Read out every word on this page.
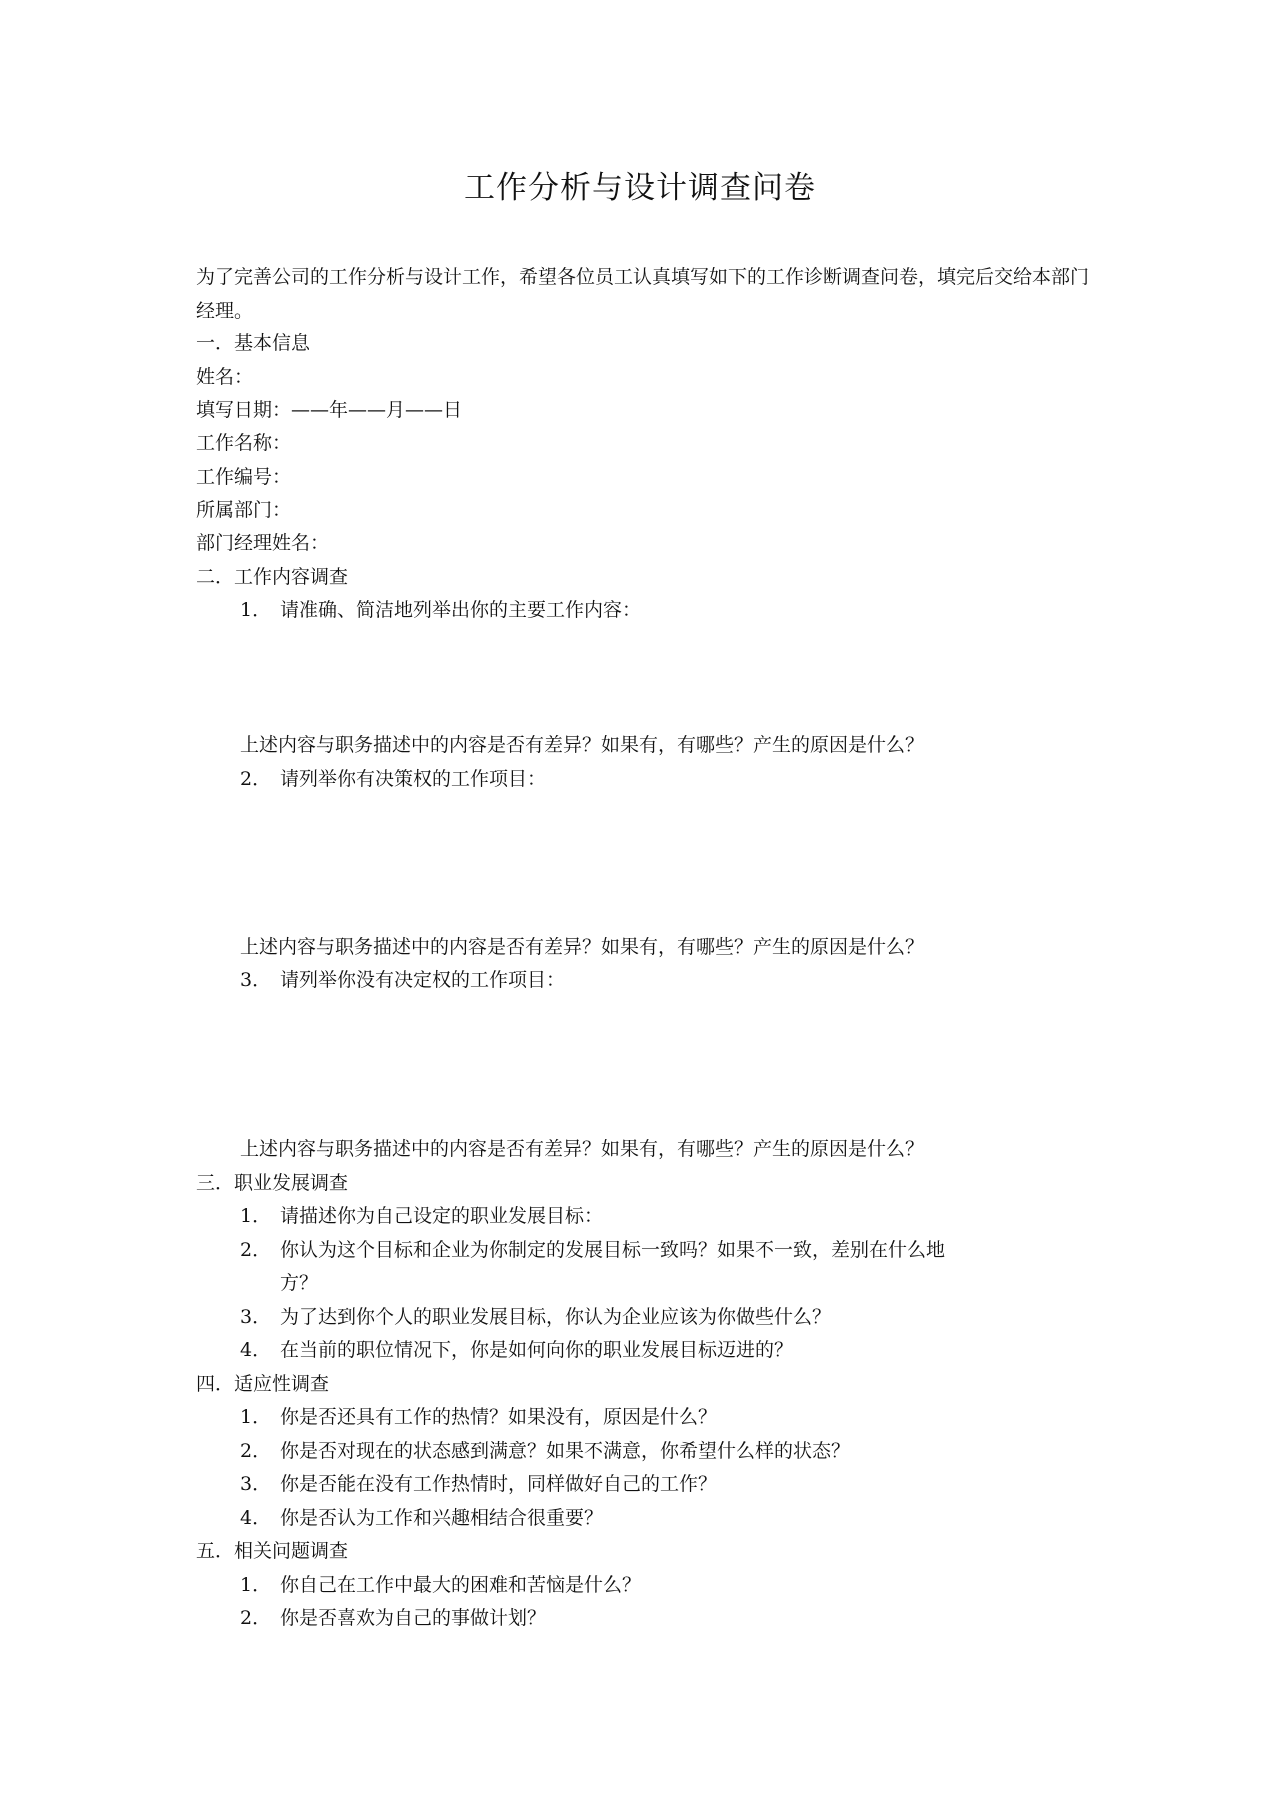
工作分析与设计调查问卷

为了完善公司的工作分析与设计工作，希望各位员工认真填写如下的工作诊断调查问卷，填完后交给本部门经理。

一．基本信息
姓名：
填写日期：——年——月——日
工作名称：
工作编号：
所属部门：
部门经理姓名：
二．工作内容调查
1． 请准确、简洁地列举出你的主要工作内容：
上述内容与职务描述中的内容是否有差异？如果有，有哪些？产生的原因是什么？
2． 请列举你有决策权的工作项目：
上述内容与职务描述中的内容是否有差异？如果有，有哪些？产生的原因是什么？
3． 请列举你没有决定权的工作项目：
上述内容与职务描述中的内容是否有差异？如果有，有哪些？产生的原因是什么？
三．职业发展调查
1． 请描述你为自己设定的职业发展目标：
2． 你认为这个目标和企业为你制定的发展目标一致吗？如果不一致，差别在什么地
方？
3． 为了达到你个人的职业发展目标，你认为企业应该为你做些什么？
4． 在当前的职位情况下，你是如何向你的职业发展目标迈进的？
四．适应性调查
1． 你是否还具有工作的热情？如果没有，原因是什么？
2． 你是否对现在的状态感到满意？如果不满意，你希望什么样的状态？
3． 你是否能在没有工作热情时，同样做好自己的工作？
4． 你是否认为工作和兴趣相结合很重要？
五．相关问题调查
1． 你自己在工作中最大的困难和苦恼是什么？
2． 你是否喜欢为自己的事做计划？
